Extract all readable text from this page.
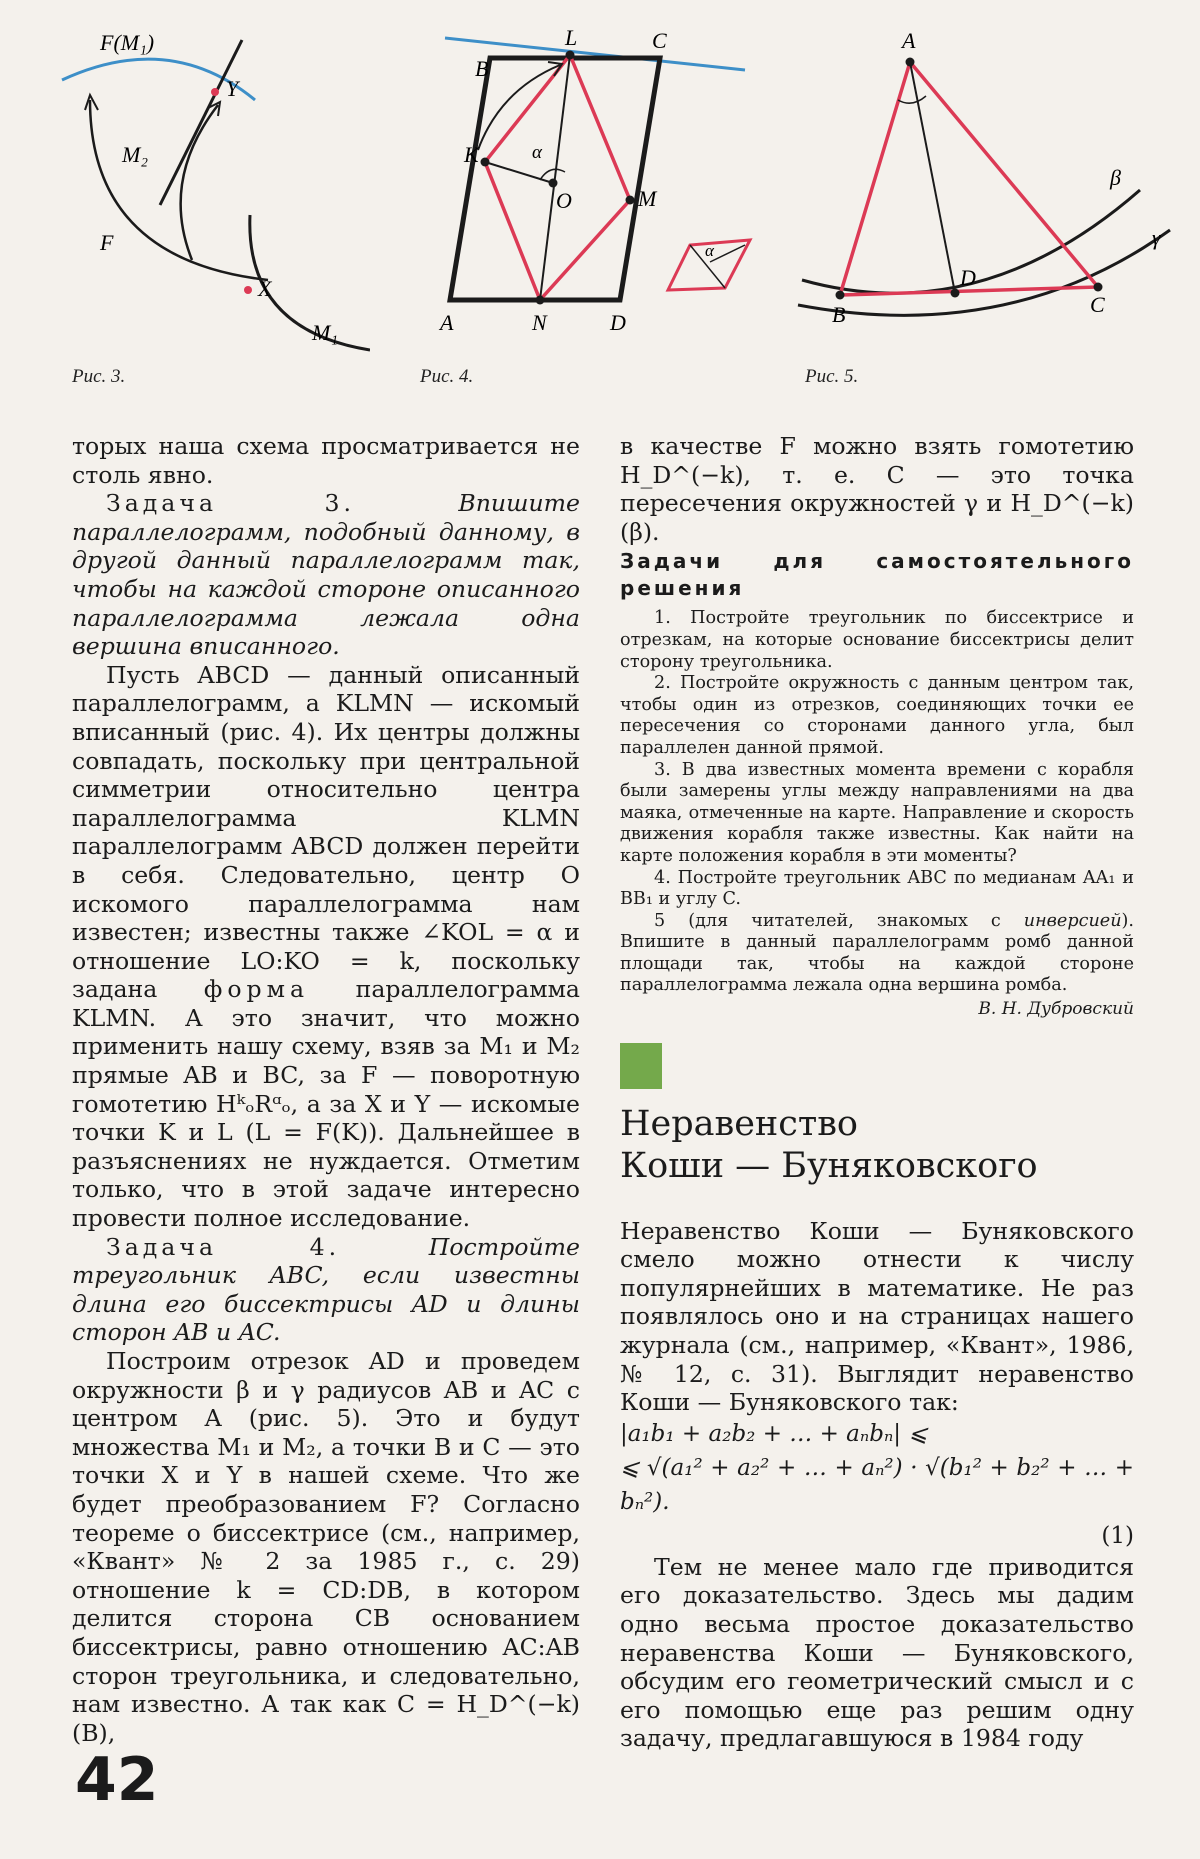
F(M₁)
Y
M₂
F
X
M₁
Рис. 3.
L	C
B
K	α
O	M
A	N	D
α
Рис. 4.
A
β
γ
D
B	C
Рис. 5.

торых наша схема просматривается не столь явно.

Задача 3.	Впишите параллелограмм, подобный данному, в другой данный параллелограмм так, чтобы на каждой стороне описанного параллелограмма лежала одна вершина вписанного.

Пусть ABCD — данный описанный параллелограмм, а KLMN — искомый вписанный (рис. 4). Их центры должны совпадать, поскольку при центральной симметрии относительно центра параллелограмма KLMN параллелограмм ABCD должен перейти в себя. Следовательно, центр O искомого параллелограмма нам известен; известны также ∠KOL = α и отношение LO:KO = k, поскольку задана форма параллелограмма KLMN. А это значит, что можно применить нашу схему, взяв за M₁ и M₂ прямые AB и BC, за F — поворотную гомотетию HᵏₒRᵅₒ, а за X и Y — искомые точки K и L (L = F(K)). Дальнейшее в разъяснениях не нуждается. Отметим только, что в этой задаче интересно провести полное исследование.

Задача 4.	Постройте треугольник ABC, если известны длина его биссектрисы AD и длины сторон AB и AC.

Построим отрезок AD и проведем окружности β и γ радиусов AB и AC с центром A (рис. 5). Это и будут множества M₁ и M₂, а точки B и C — это точки X и Y в нашей схеме. Что же будет преобразованием F? Согласно теореме о биссектрисе (см., например, «Квант» № 2 за 1985 г., с. 29) отношение k = CD:DB, в котором делится сторона CB основанием биссектрисы, равно отношению AC:AB сторон треугольника, и следовательно, нам известно. А так как C = H_D^(−k)(B),

в качестве F можно взять гомотетию H_D^(−k), т. е. C — это точка пересечения окружностей γ и H_D^(−k)(β).

Задачи для самостоятельного решения

1. Постройте треугольник по биссектрисе и отрезкам, на которые основание биссектрисы делит сторону треугольника.

2. Постройте окружность с данным центром так, чтобы один из отрезков, соединяющих точки ее пересечения со сторонами данного угла, был параллелен данной прямой.

3. В два известных момента времени с корабля были замерены углы между направлениями на два маяка, отмеченные на карте. Направление и скорость движения корабля также известны. Как найти на карте положения корабля в эти моменты?

4. Постройте треугольник ABC по медианам AA₁ и BB₁ и углу C.

5 (для читателей, знакомых с инверсией). Впишите в данный параллелограмм ромб данной площади так, чтобы на каждой стороне параллелограмма лежала одна вершина ромба.

В. Н. Дубровский
Неравенство
Коши — Буняковского

Неравенство Коши — Буняковского смело можно отнести к числу популярнейших в математике. Не раз появлялось оно и на страницах нашего журнала (см., например, «Квант», 1986, № 12, с. 31). Выглядит неравенство Коши — Буняковского так:

|a₁b₁ + a₂b₂ + … + aₙbₙ| ⩽
⩽ √(a₁² + a₂² + … + aₙ²) · √(b₁² + b₂² + … + bₙ²).
(1)

Тем не менее мало где приводится его доказательство. Здесь мы дадим одно весьма простое доказательство неравенства Коши — Буняковского, обсудим его геометрический смысл и с его помощью еще раз решим одну задачу, предлагавшуюся в 1984 году

42
